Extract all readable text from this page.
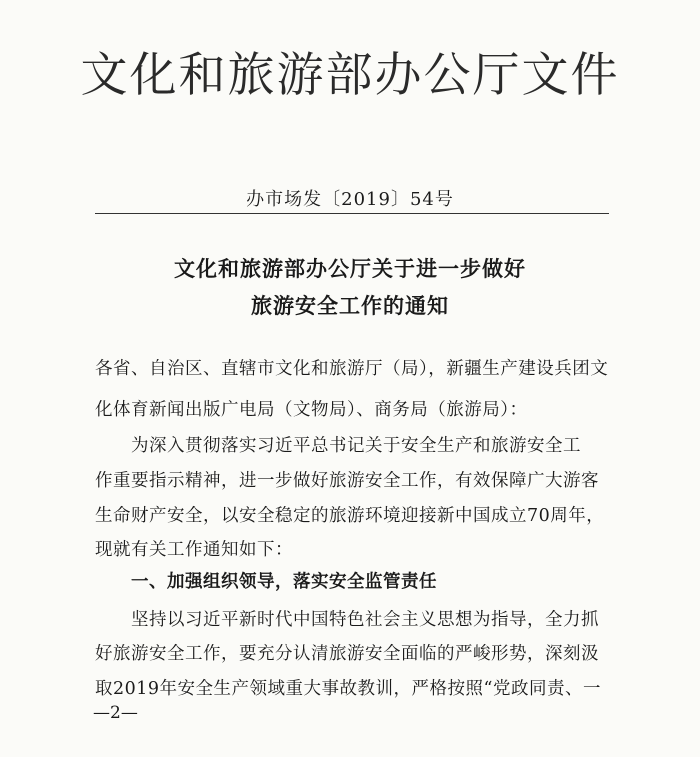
文化和旅游部办公厅文件
办市场发〔2019〕54号
文化和旅游部办公厅关于进一步做好
旅游安全工作的通知
各省、自治区、直辖市文化和旅游厅（局），新疆生产建设兵团文
化体育新闻出版广电局（文物局）、商务局（旅游局）：
为深入贯彻落实习近平总书记关于安全生产和旅游安全工
作重要指示精神，进一步做好旅游安全工作，有效保障广大游客
生命财产安全，以安全稳定的旅游环境迎接新中国成立70周年，
现就有关工作通知如下：
一、加强组织领导，落实安全监管责任
坚持以习近平新时代中国特色社会主义思想为指导，全力抓
好旅游安全工作，要充分认清旅游安全面临的严峻形势，深刻汲
取2019年安全生产领域重大事故教训，严格按照“党政同责、一
—2—
